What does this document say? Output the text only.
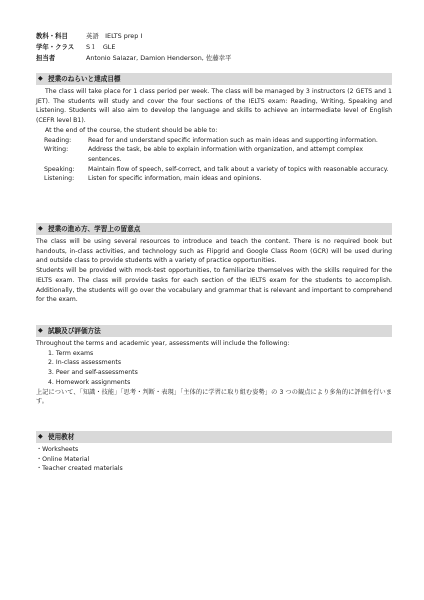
教科・科目	英語　IELTS prep Ⅰ
学年・クラス	S１　GLE
担当者	Antonio Salazar, Damion Henderson, 佐藤幸平
◆ 授業のねらいと達成目標

The class will take place for 1 class period per week. The class will be managed by 3 instructors (2 GETS and 1 JET). The students will study and cover the four sections of the IELTS exam: Reading, Writing, Speaking and Listening. Students will also aim to develop the language and skills to achieve an intermediate level of English (CEFR level B1).

At the end of the course, the student should be able to:

Reading:	Read for and understand specific information such as main ideas and supporting information.
Writing:	Address the task, be able to explain information with organization, and attempt complex sentences.
Speaking:	Maintain flow of speech, self-correct, and talk about a variety of topics with reasonable accuracy.
Listening:	Listen for specific information, main ideas and opinions.
◆ 授業の進め方、学習上の留意点

The class will be using several resources to introduce and teach the content. There is no required book but handouts, in-class activities, and technology such as Flipgrid and Google Class Room (GCR) will be used during and outside class to provide students with a variety of practice opportunities.

Students will be provided with mock-test opportunities, to familiarize themselves with the skills required for the IELTS exam. The class will provide tasks for each section of the IELTS exam for the students to accomplish. Additionally, the students will go over the vocabulary and grammar that is relevant and important to comprehend for the exam.

◆ 試験及び評価方法

Throughout the terms and academic year, assessments will include the following:

1. Term exams
2. In-class assessments
3. Peer and self-assessments
4. Homework assignments

上記について、「知識・技能」「思考・判断・表現」「主体的に学習に取り組む姿勢」の 3 つの観点により多角的に評価を行います。

◆ 使用教材
・Worksheets
・Online Material
・Teacher created materials
